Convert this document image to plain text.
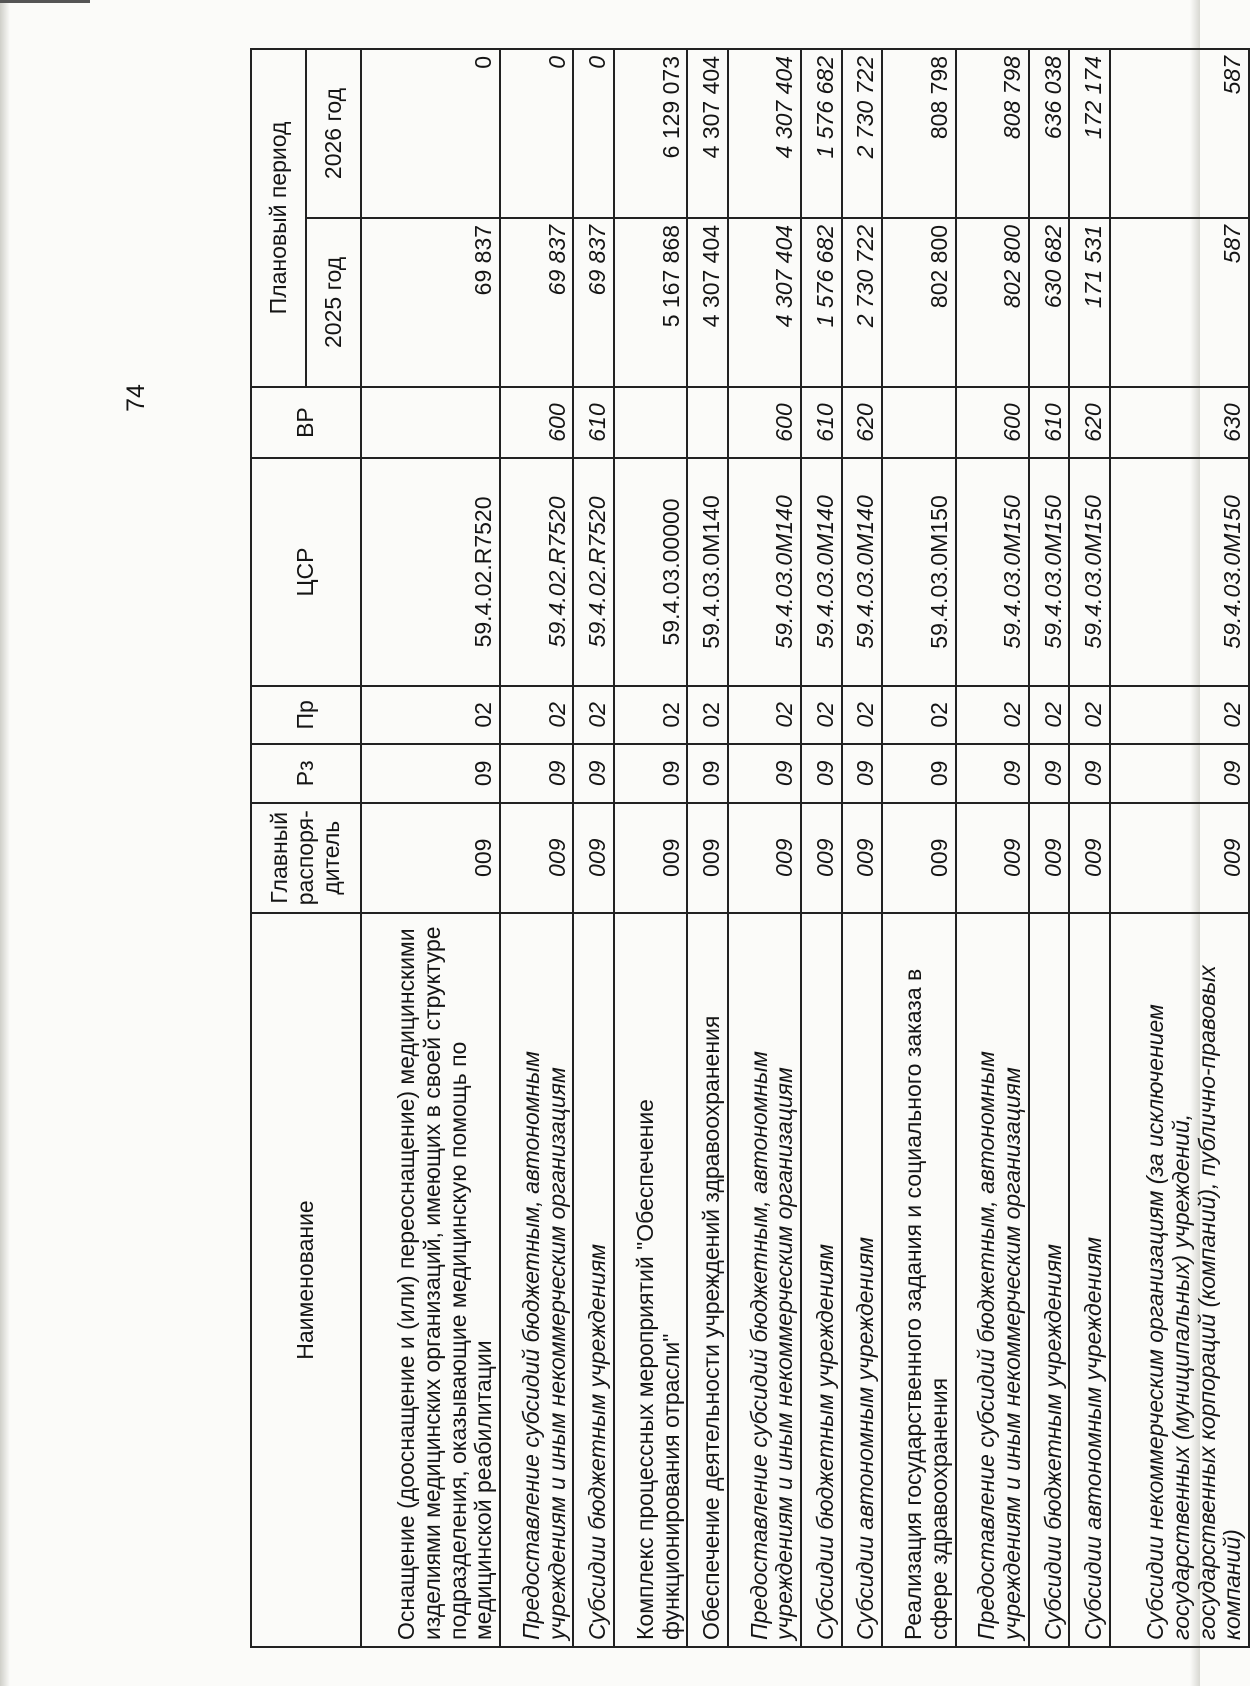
74
Наименование	Главный распоря-дитель	Рз	Пр	ЦСР	ВР	Плановый период	
						2025 год	2026 год
Оснащение (дооснащение и (или) переоснащение) медицинскими изделиями медицинских организаций, имеющих в своей структуре подразделения, оказывающие медицинскую помощь по медицинской реабилитации	009	09	02	59.4.02.R7520		69 837	0
Предоставление субсидий бюджетным, автономным учреждениям и иным некоммерческим организациям	009	09	02	59.4.02.R7520	600	69 837	0
Субсидии бюджетным учреждениям	009	09	02	59.4.02.R7520	610	69 837	0
Комплекс процессных мероприятий "Обеспечение функционирования отрасли"	009	09	02	59.4.03.00000		5 167 868	6 129 073
Обеспечение деятельности учреждений здравоохранения	009	09	02	59.4.03.0М140		4 307 404	4 307 404
Предоставление субсидий бюджетным, автономным учреждениям и иным некоммерческим организациям	009	09	02	59.4.03.0М140	600	4 307 404	4 307 404
Субсидии бюджетным учреждениям	009	09	02	59.4.03.0М140	610	1 576 682	1 576 682
Субсидии автономным учреждениям	009	09	02	59.4.03.0М140	620	2 730 722	2 730 722
Реализация государственного задания и социального заказа в сфере здравоохранения	009	09	02	59.4.03.0М150		802 800	808 798
Предоставление субсидий бюджетным, автономным учреждениям и иным некоммерческим организациям	009	09	02	59.4.03.0М150	600	802 800	808 798
Субсидии бюджетным учреждениям	009	09	02	59.4.03.0М150	610	630 682	636 038
Субсидии автономным учреждениям	009	09	02	59.4.03.0М150	620	171 531	172 174
Субсидии некоммерческим организациям (за исключением государственных (муниципальных) учреждений, государственных корпораций (компаний), публично-правовых компаний)	009	09	02	59.4.03.0М150	630	587	587
